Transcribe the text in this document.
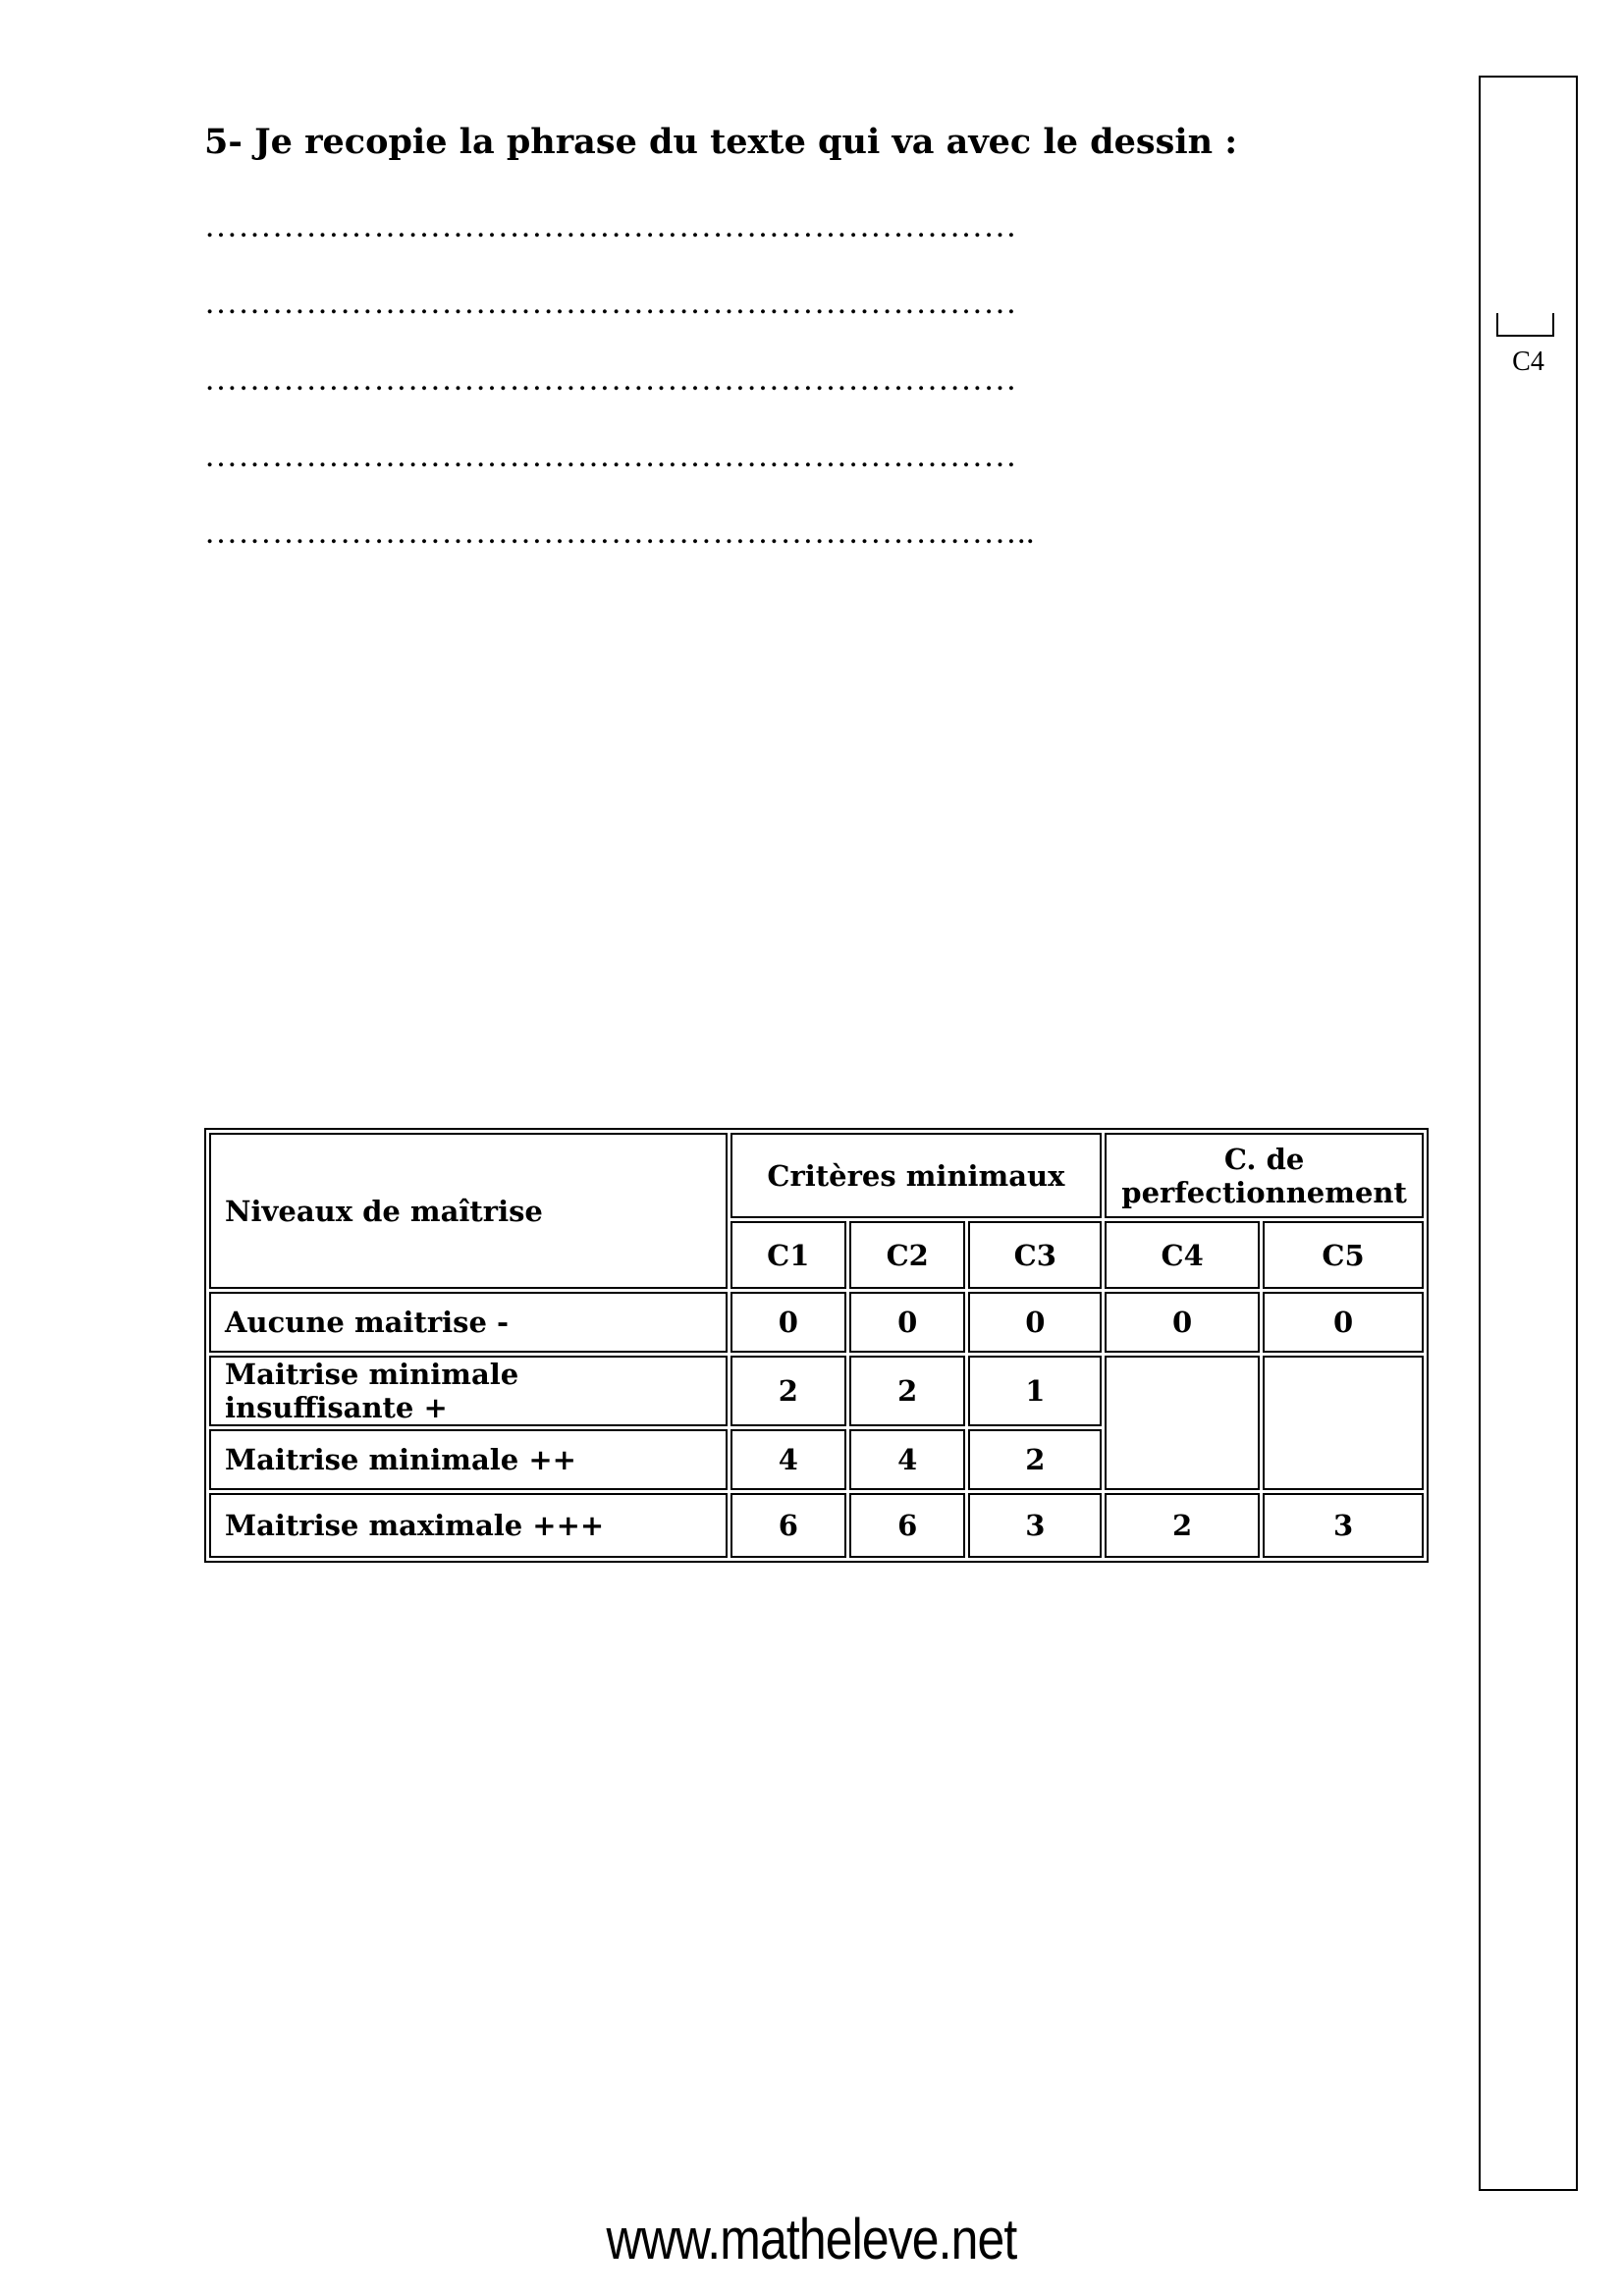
5- Je recopie la phrase du texte qui va avec le dessin :
………………………………………………………………
………………………………………………………………
………………………………………………………………
………………………………………………………………
………………………………………………………………..
C4
Niveaux de maîtrise	Critères minimaux			C. de perfectionnement	
	C1	C2	C3	C4	C5
Aucune maitrise -	0	0	0	0	0
Maitrise minimale insuffisante +	2	2	1		
Maitrise minimale ++	4	4	2		
Maitrise maximale +++	6	6	3	2	3
www.matheleve.net
